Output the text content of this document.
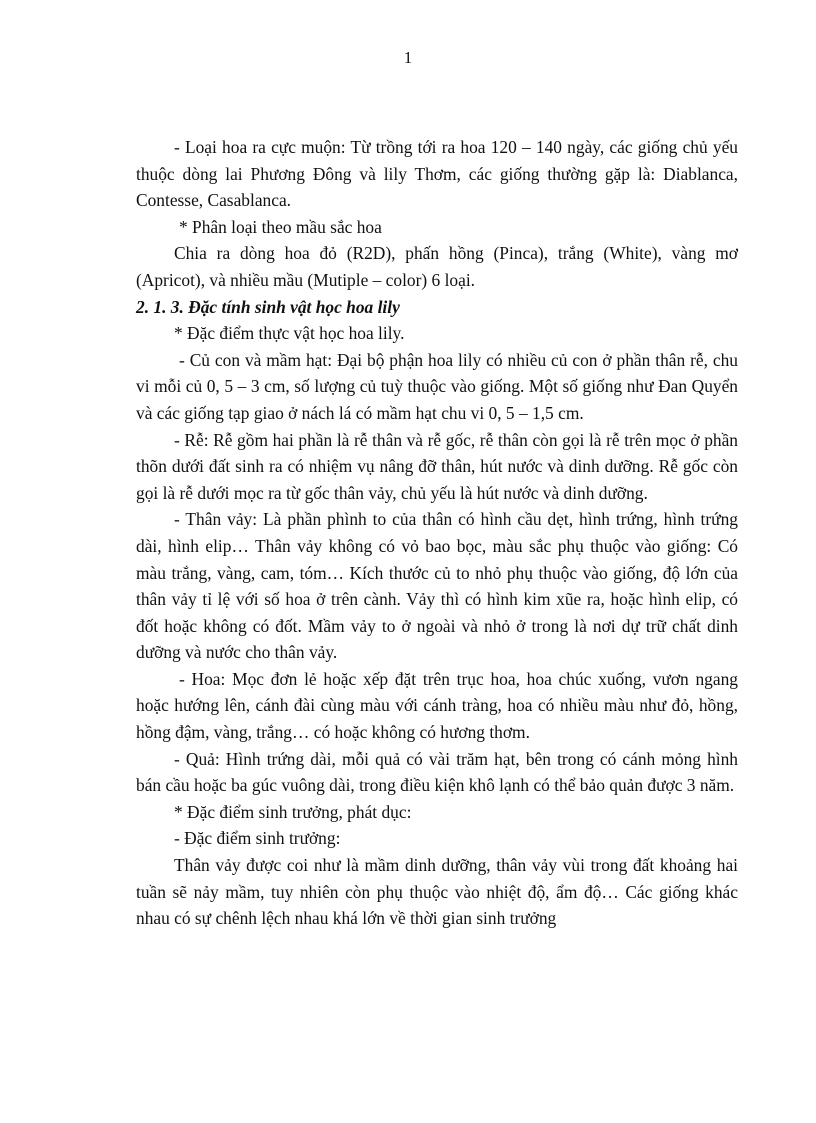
1

- Loại hoa ra cực muộn: Từ trồng tới ra hoa 120 – 140 ngày, các giống chủ yếu thuộc dòng lai Phương Đông và lily Thơm, các giống thường gặp là: Diablanca, Contesse, Casablanca.

* Phân loại theo mầu sắc hoa

Chia ra dòng hoa đỏ (R2D), phấn hồng (Pinca), trắng (White), vàng mơ (Apricot), và nhiều mầu (Mutiple – color) 6 loại.

2. 1. 3. Đặc tính sinh vật học hoa lily

* Đặc điểm thực vật học hoa lily.

- Củ con và mầm hạt: Đại bộ phận hoa lily có nhiều củ con ở phần thân rễ, chu vi mỗi củ 0, 5 – 3 cm, số lượng củ tuỳ thuộc vào giống. Một số giống như Đan Quyển và các giống tạp giao ở nách lá có mầm hạt chu vi 0, 5 – 1,5 cm.

- Rễ: Rễ gồm hai phần là rễ thân và rễ gốc, rễ thân còn gọi là rễ trên mọc ở phần thõn dưới đất sinh ra có nhiệm vụ nâng đỡ thân, hút nước và dinh dưỡng. Rễ gốc còn gọi là rễ dưới mọc ra từ gốc thân vảy, chủ yếu là hút nước và dinh dưỡng.

- Thân vảy: Là phần phình to của thân có hình cầu dẹt, hình trứng, hình trứng dài, hình elip… Thân vảy không có vỏ bao bọc, màu sắc phụ thuộc vào giống: Có màu trắng, vàng, cam, tóm… Kích thước củ to nhỏ phụ thuộc vào giống, độ lớn của thân vảy tỉ lệ với số hoa ở trên cành. Vảy thì có hình kim xũe ra, hoặc hình elip, có đốt hoặc không có đốt. Mầm vảy to ở ngoài và nhỏ ở trong là nơi dự trữ chất dinh dưỡng và nước cho thân vảy.

- Hoa: Mọc đơn lẻ hoặc xếp đặt trên trục hoa, hoa chúc xuống, vươn ngang hoặc hướng lên, cánh đài cùng màu với cánh tràng, hoa có nhiều màu như đỏ, hồng, hồng đậm, vàng, trắng… có hoặc không có hương thơm.

- Quả: Hình trứng dài, mỗi quả có vài trăm hạt, bên trong có cánh mỏng hình bán cầu hoặc ba gúc vuông dài, trong điều kiện khô lạnh có thể bảo quản được 3 năm.

* Đặc điểm sinh trưởng, phát dục:

- Đặc điểm sinh trưởng:

Thân vảy được coi như là mầm dinh dưỡng, thân vảy vùi trong đất khoảng hai tuần sẽ nảy mầm, tuy nhiên còn phụ thuộc vào nhiệt độ, ẩm độ… Các giống khác nhau có sự chênh lệch nhau khá lớn về thời gian sinh trưởng
